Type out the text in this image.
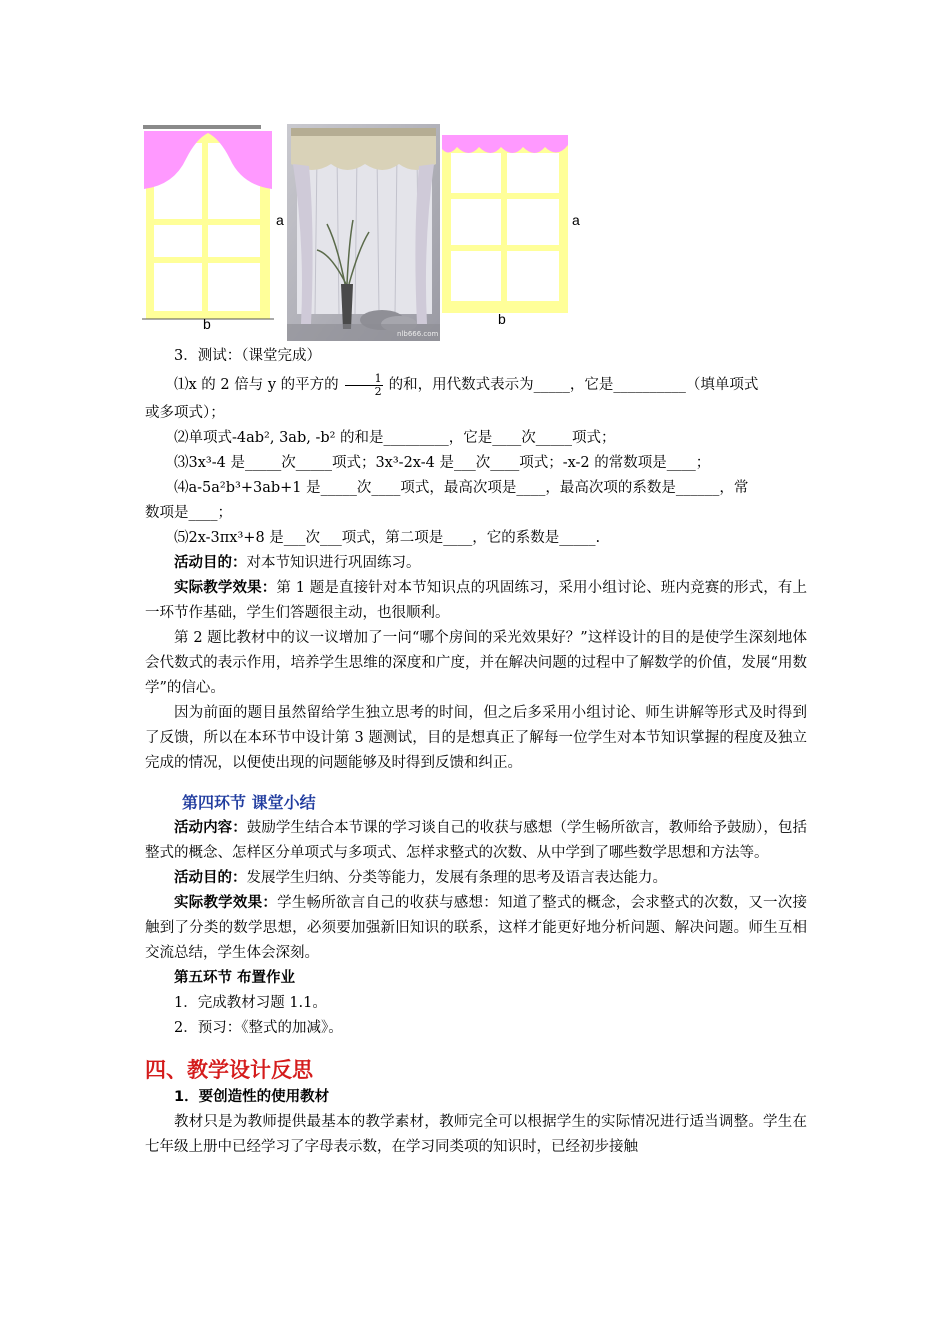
a
b
nlb666.com
a
b
3．测试：（课堂完成）
⑴x 的 2 倍与 y 的平方的 $\frac{1}{2}$ 的和，用代数式表示为_____，它是__________（填单项式
或多项式）；
⑵单项式-4ab², 3ab, -b² 的和是_________，它是____次_____项式；
⑶3x³-4 是_____次_____项式；3x³-2x-4 是___次____项式；-x-2 的常数项是____；
⑷a-5a²b³+3ab+1 是_____次____项式，最高次项是____，最高次项的系数是______，常
数项是____；
⑸2x-3πx³+8 是___次___项式，第二项是____，它的系数是_____.
活动目的：对本节知识进行巩固练习。
实际教学效果：第 1 题是直接针对本节知识点的巩固练习，采用小组讨论、班内竞赛的形式，有上一环节作基础，学生们答题很主动，也很顺利。
第 2 题比教材中的议一议增加了一问“哪个房间的采光效果好？”这样设计的目的是使学生深刻地体会代数式的表示作用，培养学生思维的深度和广度，并在解决问题的过程中了解数学的价值，发展“用数学”的信心。
因为前面的题目虽然留给学生独立思考的时间，但之后多采用小组讨论、师生讲解等形式及时得到了反馈，所以在本环节中设计第 3 题测试，目的是想真正了解每一位学生对本节知识掌握的程度及独立完成的情况，以便使出现的问题能够及时得到反馈和纠正。
第四环节 课堂小结
活动内容：鼓励学生结合本节课的学习谈自己的收获与感想（学生畅所欲言，教师给予鼓励），包括整式的概念、怎样区分单项式与多项式、怎样求整式的次数、从中学到了哪些数学思想和方法等。
活动目的：发展学生归纳、分类等能力，发展有条理的思考及语言表达能力。
实际教学效果：学生畅所欲言自己的收获与感想：知道了整式的概念，会求整式的次数，又一次接触到了分类的数学思想，必须要加强新旧知识的联系，这样才能更好地分析问题、解决问题。师生互相交流总结，学生体会深刻。
第五环节 布置作业
1．完成教材习题 1.1。
2．预习：《整式的加减》。
四、教学设计反思
1．要创造性的使用教材
教材只是为教师提供最基本的教学素材，教师完全可以根据学生的实际情况进行适当调整。学生在七年级上册中已经学习了字母表示数，在学习同类项的知识时，已经初步接触
